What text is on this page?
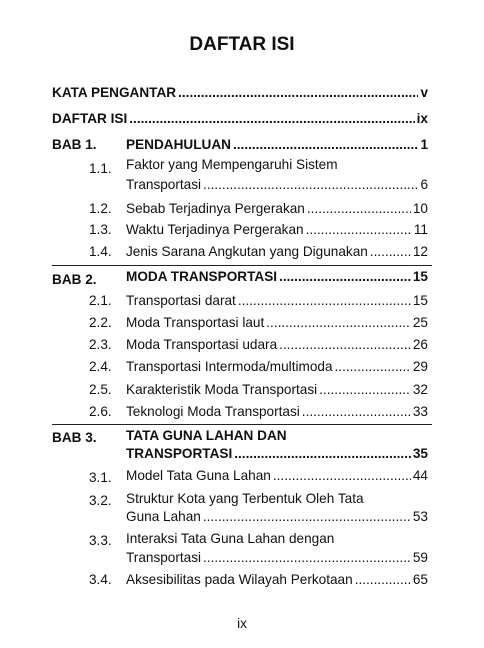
DAFTAR ISI
KATA PENGANTAR .....	v
DAFTAR ISI .....	ix
BAB 1. PENDAHULUAN .....	1
1.1. Faktor yang Mempengaruhi Sistem
Transportasi .....	6
1.2. Sebab Terjadinya Pergerakan .....	10
1.3. Waktu Terjadinya Pergerakan .....	11
1.4. Jenis Sarana Angkutan yang Digunakan .....	12
BAB 2. MODA TRANSPORTASI .....	15
2.1. Transportasi darat .....	15
2.2. Moda Transportasi laut .....	25
2.3. Moda Transportasi udara .....	26
2.4. Transportasi Intermoda/multimoda .....	29
2.5. Karakteristik Moda Transportasi .....	32
2.6. Teknologi Moda Transportasi .....	33
BAB 3. TATA GUNA LAHAN DAN
TRANSPORTASI .....	35
3.1. Model Tata Guna Lahan .....	44
3.2. Struktur Kota yang Terbentuk Oleh Tata
Guna Lahan .....	53
3.3. Interaksi Tata Guna Lahan dengan
Transportasi .....	59
3.4. Aksesibilitas pada Wilayah Perkotaan .....	65
ix
